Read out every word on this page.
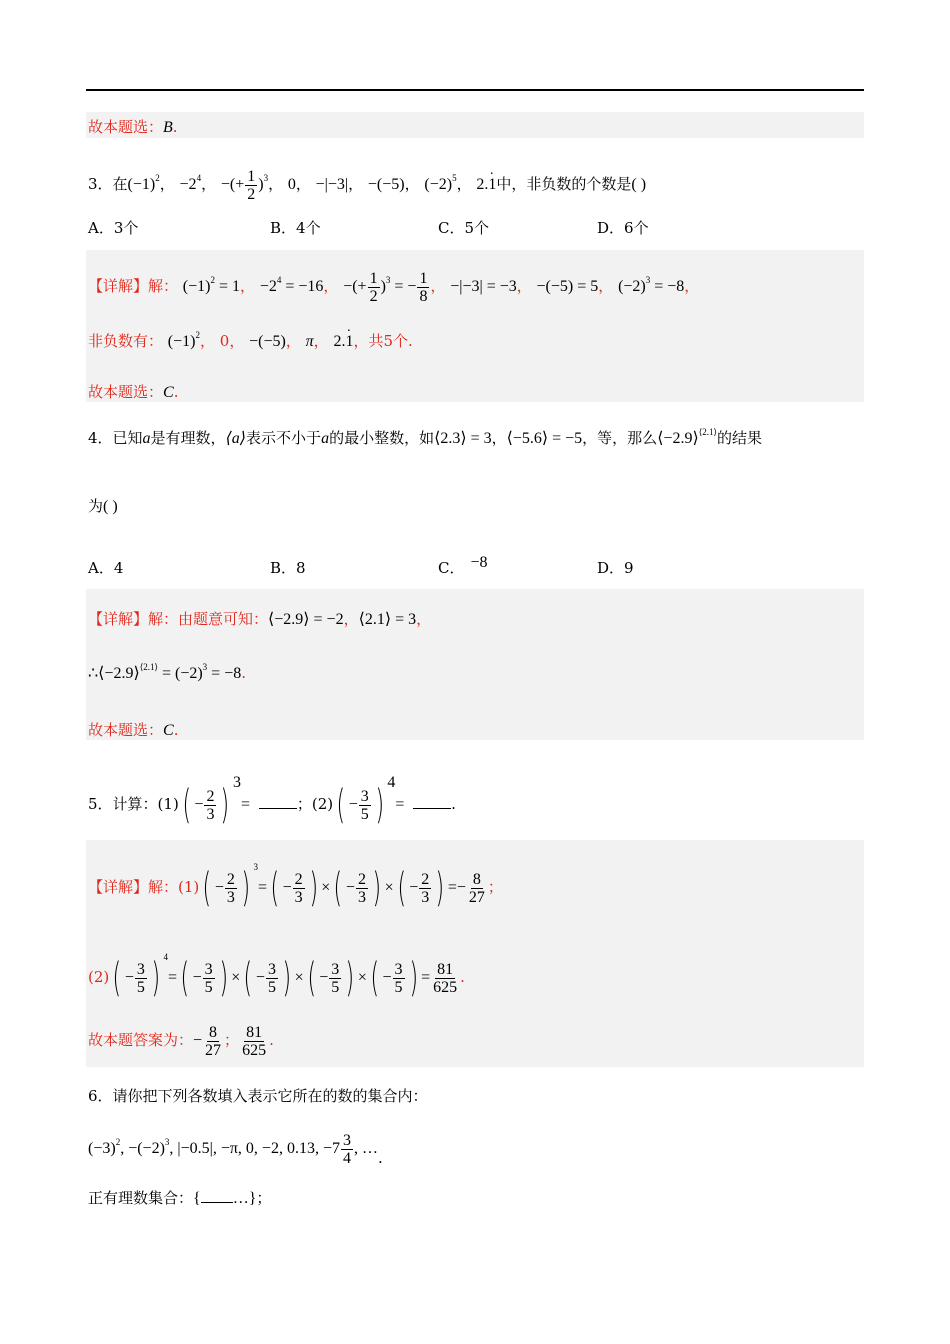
故本题选：B.
3．在$(-1)^2$， $-2^4$， −(+ $\frac{1}{2} )^3$， 0， −|−3|， −(−5)， $(-2)^5$， 2.1 ·中，非负数的个数是( )
A．3个	B．4个	C．5个	D．6个
【详解】解： $(-1)^2 = 1$， $-2^4 = -16$， −(+ $\frac{1}{2} )^3$ = − $\frac{1}{8}$ ， −|−3| = −3， −(−5) = 5， $(-2)^3 = -8$，
非负数有： $(-1)^2$， 0， −(−5)， π， 2.1 ·，共5个.
故本题选：C.
4．已知a是有理数，⟨a⟩表示不小于a的最小整数，如⟨2.3⟩ = 3，⟨−5.6⟩ = −5，等，那么⟨−2.9⟩$^{⟨2.1⟩}$的结果
为( )
A．4	B．8	C． −8	D．9
【详解】解：由题意可知：⟨−2.9⟩ = −2，⟨2.1⟩ = 3，
∴⟨−2.9⟩$^{⟨2.1⟩}$ = $(-2)^3 = -8$.
故本题选：C.
5．计算：(1) ( − $\frac{2}{3}$ ) $^3$=	；(2) ( − $\frac{3}{5}$ ) $^4$=	.
【详解】解：(1) ( − $\frac{2}{3}$ ) $^3$= ( − $\frac{2}{3}$ ) × ( − $\frac{2}{3}$ ) × ( − $\frac{2}{3}$ ) =− $\frac{8}{27}$ ；
(2) ( − $\frac{3}{5}$ ) $^4$= ( − $\frac{3}{5}$ ) × ( − $\frac{3}{5}$ ) × ( − $\frac{3}{5}$ ) × ( − $\frac{3}{5}$ ) = $\frac{81}{625}$ .
故本题答案为：− $\frac{8}{27}$ ； $\frac{81}{625}$ .
6．请你把下列各数填入表示它所在的数的集合内：
$(-3)^2$, $-(-2)^3$, |−0.5|, −π, 0, −2, 0.13, $-7 \frac{3}{4}$ , ….
正有理数集合：{ …}；
